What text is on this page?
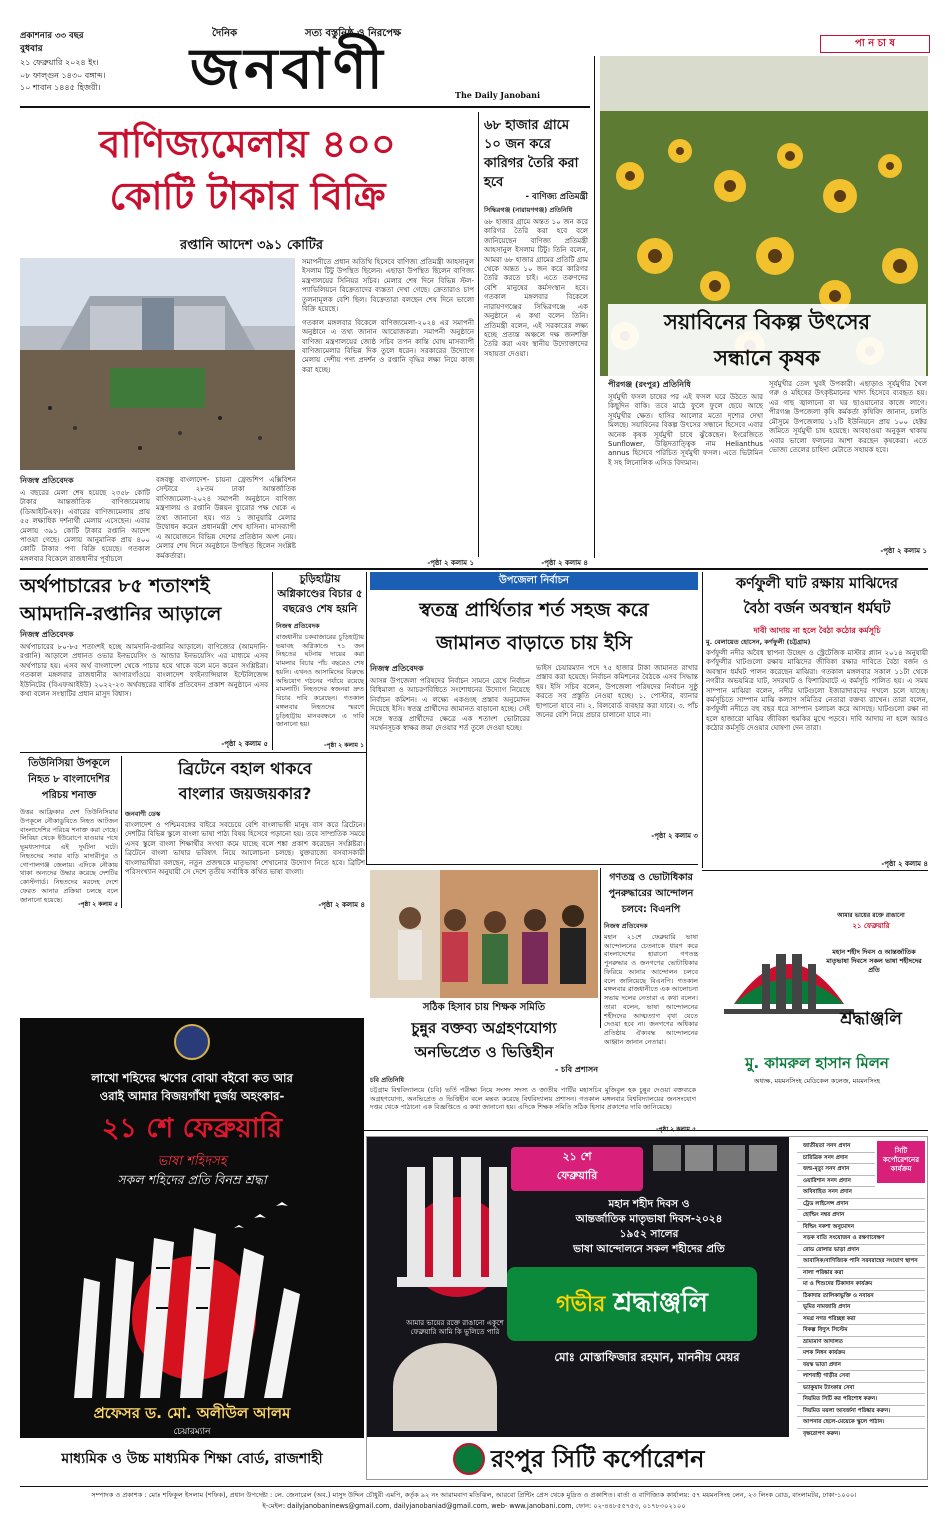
প্রকাশনার ৩৩ বছর
বুধবার
২১ ফেব্রুয়ারি ২০২৪ ইং।
০৮ ফাল্গুন ১৪৩০ বঙ্গাব্দ।
১০ শাবান ১৪৪৫ হিজরী।
দৈনিক	সত্য বস্তুনিষ্ঠ ও নিরপেক্ষ
জনবাণী	The Daily Janobani
পা ন চা ষ
বাণিজ্যমেলায় ৪০০
কোটি টাকার বিক্রি
রপ্তানি আদেশ ৩৯১ কোটির
নিজস্ব প্রতিবেদক
এ বছরের মেলা শেষ হয়েছে ২৩৫৮ কোটি টাকার আন্তর্জাতিক বাণিজ্যমেলায় (ডিআইটিএফ)। এবারের বাণিজ্যমেলায় প্রায় ৫৫ লক্ষাধিক দর্শনার্থী মেলায় এসেছেন। এবার মেলায় ৩৯১ কোটি টাকার রপ্তানি আদেশ পাওয়া গেছে। মেলায় আনুমানিক প্রায় ৪০০ কোটি টাকার পণ্য বিক্রি হয়েছে। গতকাল মঙ্গলবার বিকেলে রাজধানীর পূর্বাচলে
বঙ্গবন্ধু বাংলাদেশ- চায়না ফ্রেন্ডশিপ এক্সিবিশন সেন্টারে ২৮তম ঢাকা আন্তর্জাতিক বাণিজ্যমেলা-২০২৪ সমাপনী অনুষ্ঠানে বাণিজ্য মন্ত্রণালয় ও রপ্তানি উন্নয়ন ব্যুরোর পক্ষ থেকে এ তথ্য জানানো হয়। গত ১ জানুয়ারি মেলার উদ্বোধন করেন প্রধানমন্ত্রী শেখ হাসিনা। মাসব্যাপী এ আয়োজনে বিভিন্ন দেশের প্রতিষ্ঠান অংশ নেয়। মেলার শেষ দিনে অনুষ্ঠানে উপস্থিত ছিলেন সংশ্লিষ্ট কর্মকর্তারা।
সমাপনীতে প্রধান অতিথি হিসেবে বাণিজ্য প্রতিমন্ত্রী আহসানুল ইসলাম টিটু উপস্থিত ছিলেন। এছাড়া উপস্থিত ছিলেন বাণিজ্য মন্ত্রণালয়ের সিনিয়র সচিব। মেলার শেষ দিনে বিভিন্ন স্টল-প্যাভিলিয়নে বিক্রেতাদের ব্যস্ততা দেখা গেছে। ক্রেতারাও চাপ তুলনামূলক বেশি ছিল। বিক্রেতারা বলছেন শেষ দিনে ভালো বিক্রি হয়েছে।
গতকাল মঙ্গলবার বিকেলে বাণিজ্যমেলা-২০২৪ এর সমাপনী অনুষ্ঠানে এ তথ্য জানান আয়োজকরা। সমাপনী অনুষ্ঠানে বাণিজ্য মন্ত্রণালয়ের জ্যেষ্ঠ সচিব তপন কান্তি ঘোষ মাসব্যাপী বাণিজ্যমেলার বিভিন্ন দিক তুলে ধরেন। সরকারের উদ্যোগে মেলায় দেশীয় পণ্য প্রদর্শন ও রপ্তানি বৃদ্ধির লক্ষ্য নিয়ে কাজ করা হচ্ছে।
-পৃষ্ঠা ২ কলাম ১
৬৮ হাজার গ্রামে ১০ জন করে কারিগর তৈরি করা হবে
- বাণিজ্য প্রতিমন্ত্রী
সিদ্ধিরগঞ্জ (নারায়ণগঞ্জ) প্রতিনিধি
৬৮ হাজার গ্রামে অন্তত ১০ জন করে কারিগর তৈরি করা হবে বলে জানিয়েছেন বাণিজ্য প্রতিমন্ত্রী আহসানুল ইসলাম টিটু। তিনি বলেন, আমরা ৬৮ হাজার গ্রামের প্রতিটি গ্রাম থেকে অন্তত ১০ জন করে কারিগর তৈরি করতে চাই। এতে তরুণদের বেশি মানুষের কর্মসংস্থান হবে। গতকাল মঙ্গলবার বিকেলে নারায়ণগঞ্জের সিদ্ধিরগঞ্জে এক অনুষ্ঠানে এ কথা বলেন তিনি। প্রতিমন্ত্রী বলেন, এই সরকারের লক্ষ্য হচ্ছে প্রত্যন্ত অঞ্চলে দক্ষ জনশক্তি তৈরি করা এবং স্থানীয় উদ্যোক্তাদের সহায়তা দেওয়া।
-পৃষ্ঠা ২ কলাম ৪
সয়াবিনের বিকল্প উৎসের
সন্ধানে কৃষক
পীরগঞ্জ (রংপুর) প্রতিনিধি
সূর্যমুখী ফসল চাষের পর এই ফসল ঘরে উঠতে আর কিছুদিন বাকি। তবে মাঠে ফুলে ফুলে ছেয়ে আছে সূর্যমুখীর ক্ষেত। হাসির আলোর মতো দৃশ্যের দেখা মিলছে। সয়াবিনের বিকল্প উৎসের সন্ধানে হিসেবে এবার অনেক কৃষক সূর্যমুখী চাষে ঝুঁকেছেন। ইংরেজিতে Sunflower, উদ্ভিদতাত্ত্বিক নাম Helianthus annus হিসেবে পরিচিত সূর্যমুখী ফসল। এতে ভিটামিন ই সহ লিনোলিক এসিড বিদ্যমান।
সূর্যমুখীর তেল খুবই উপকারী। এছাড়াও সূর্যমুখীর খৈল গরু ও মহিষের উৎকৃষ্টমানের খাদ্য হিসেবে ব্যবহৃত হয়। এর গাছ জ্বালানো বা ঘর ছাওয়ানোর কাজে লাগে। পীরগঞ্জ উপজেলা কৃষি কর্মকর্তা কৃষিবিদ জানান, চলতি মৌসুমে উপজেলায় ১২টি ইউনিয়নে প্রায় ১০০ হেক্টর জমিতে সূর্যমুখী চাষ হয়েছে। আবহাওয়া অনুকূল থাকায় এবার ভালো ফলনের আশা করছেন কৃষকেরা। এতে ভোজ্য তেলের চাহিদা মেটাতে সহায়ক হবে।
-পৃষ্ঠা ২ কলাম ১
অর্থপাচারের ৮৫ শতাংশই
আমদানি-রপ্তানির আড়ালে
নিজস্ব প্রতিবেদক
অর্থপাচারের ৮০-৮৫ শতাংশই হচ্ছে আমদানি-রপ্তানির আড়ালে। বাণিজ্যের (আমদানি-রপ্তানি) আড়ালে প্রধানত ওভার ইনভয়েসিং ও আন্ডার ইনভয়েসিং এর মাধ্যমে এসব অর্থপাচার হয়। এসব অর্থ বাংলাদেশ থেকে পাচার হয়ে থাকে বলে মনে করেন সংশ্লিষ্টরা। গতকাল মঙ্গলবার রাজধানীর আগারগাঁওয়ে বাংলাদেশ ফাইন্যান্সিয়াল ইন্টেলিজেন্স ইউনিটের (বিএফআইইউ) ২০২২-২৩ অর্থবছরের বার্ষিক প্রতিবেদন প্রকাশ অনুষ্ঠানে এসব কথা বলেন সংস্থাটির প্রধান মাসুদ বিশ্বাস।
-পৃষ্ঠা ২ কলাম ৫
চুড়িহাট্টায়
অগ্নিকাণ্ডের বিচার ৫
বছরেও শেষ হয়নি
নিজস্ব প্রতিবেদক
রাজধানীর চকবাজারের চুড়িহাট্টায় ভয়াবহ অগ্নিকাণ্ডে ৭১ জন নিহতের ঘটনায় দায়ের করা মামলার বিচার পাঁচ বছরেও শেষ হয়নি। এখনও আসামিদের বিরুদ্ধে অভিযোগ গঠনের পর্যায়ে রয়েছে মামলাটি। নিহতদের স্বজনরা দ্রুত বিচার দাবি করেছেন। গতকাল মঙ্গলবার নিহতদের স্মরণে চুড়িহাট্টায় মানববন্ধনে এ দাবি জানানো হয়।
-পৃষ্ঠা ২ কলাম ১
উপজেলা নির্বাচন
স্বতন্ত্র প্রার্থিতার শর্ত সহজ করে
জামানত বাড়াতে চায় ইসি
নিজস্ব প্রতিবেদক
আসন্ন উপজেলা পরিষদের নির্বাচন সামনে রেখে নির্বাচন বিধিমালা ও আচরণবিধিতে সংশোধনের উদ্যোগ নিয়েছে নির্বাচন কমিশন। এ লক্ষ্যে একগুচ্ছ প্রস্তাব অনুমোদন দিয়েছে ইসি। স্বতন্ত্র প্রার্থীদের জামানত বাড়ানো হচ্ছে। সেই সঙ্গে স্বতন্ত্র প্রার্থীদের ক্ষেত্রে এক শতাংশ ভোটারের সমর্থনসূচক স্বাক্ষর জমা দেওয়ার শর্ত তুলে দেওয়া হচ্ছে।
ভাইস চেয়ারম্যান পদে ৭৫ হাজার টাকা জামানত রাখার প্রস্তাব করা হয়েছে। নির্বাচন কমিশনের বৈঠকে এসব সিদ্ধান্ত হয়। ইসি সচিব বলেন, উপজেলা পরিষদের নির্বাচন সুষ্ঠু করতে সব প্রস্তুতি নেওয়া হচ্ছে। ১. পোস্টার, ব্যানার ছাপানো যাবে না। ২. বিলবোর্ড ব্যবহার করা যাবে। ৩. পাঁচ জনের বেশি নিয়ে প্রচার চালানো যাবে না।
-পৃষ্ঠা ২ কলাম ৩
কর্ণফুলী ঘাট রক্ষায় মাঝিদের
বৈঠা বর্জন অবস্থান ধর্মঘট
দাবী আদায় না হলে বৈঠা কঠোর কর্মসূচি
মু. বেলায়েত হোসেন, কর্ণফুলী (চট্টগ্রাম)
কর্ণফুলী নদীর অবৈধ স্থাপনা উচ্ছেদ ও স্ট্রেটেজিক মাস্টার প্ল্যান ২০১৪ অনুযায়ী কর্ণফুলীর ঘাটগুলো রক্ষায় মাঝিদের জীবিকা রক্ষার দাবিতে বৈঠা বর্জন ও অবস্থান ধর্মঘট পালন করেছেন মাঝিরা। গতকাল মঙ্গলবার সকাল ১১টা থেকে নগরীর অভয়মিত্র ঘাট, সদরঘাট ও ফিশারিঘাটে এ কর্মসূচি পালিত হয়। এ সময় সাম্পান মাঝিরা বলেন, নদীর ঘাটগুলো ইজারাদারদের দখলে চলে যাচ্ছে। কর্মসূচিতে সাম্পান মাঝি কল্যাণ সমিতির নেতারা বক্তব্য রাখেন। তারা বলেন, কর্ণফুলী নদীতে বহু বছর ধরে সাম্পান চলাচল করে আসছে। ঘাটগুলো রক্ষা না হলে হাজারো মাঝির জীবিকা হুমকির মুখে পড়বে। দাবি আদায় না হলে আরও কঠোর কর্মসূচি দেওয়ার ঘোষণা দেন তারা।
-পৃষ্ঠা ২ কলাম ৪
তিউনিসিয়া উপকূলে
নিহত ৮ বাংলাদেশির
পরিচয় শনাক্ত
উত্তর আফ্রিকার দেশ তিউনিসিয়ার উপকূলে নৌকাডুবিতে নিহত আটজন বাংলাদেশির পরিচয় শনাক্ত করা গেছে। লিবিয়া থেকে ইউরোপে যাওয়ার পথে ভূমধ্যসাগরে এই দুর্ঘটনা ঘটে। নিহতদের সবার বাড়ি মাদারীপুর ও গোপালগঞ্জ জেলায়। এদিকে নৌকায় থাকা অন্যদের উদ্ধার করেছে দেশটির কোস্টগার্ড। নিহতদের মরদেহ দেশে ফেরত আনার প্রক্রিয়া চলছে বলে জানানো হয়েছে।
-পৃষ্ঠা ২ কলাম ৫
ব্রিটেনে বহাল থাকবে
বাংলার জয়জয়কার?
জনবাণী ডেস্ক
বাংলাদেশ ও পশ্চিমবঙ্গের বাইরে সবচেয়ে বেশি বাংলাভাষী মানুষ বাস করে ব্রিটেনে। দেশটির বিভিন্ন স্কুলে বাংলা ভাষা পাঠ্য বিষয় হিসেবে পড়ানো হয়। তবে সাম্প্রতিক সময়ে এসব স্কুলে বাংলা শিক্ষার্থীর সংখ্যা কমে যাচ্ছে বলে শঙ্কা প্রকাশ করেছেন সংশ্লিষ্টরা। ব্রিটেনে বাংলা ভাষার ভবিষ্যৎ নিয়ে আলোচনা চলছে। যুক্তরাজ্যে বসবাসকারী বাংলাভাষীরা বলছেন, নতুন প্রজন্মকে মাতৃভাষা শেখানোর উদ্যোগ নিতে হবে। ব্রিটিশ পরিসংখ্যান অনুযায়ী সে দেশে তৃতীয় সর্বাধিক কথিত ভাষা বাংলা।
-পৃষ্ঠা ২ কলাম ৪
সঠিক হিসাব চায় শিক্ষক সমিতি
গণতন্ত্র ও ভোটাধিকার
পুনরুদ্ধারের আন্দোলন
চলবে: বিএনপি
নিজস্ব প্রতিবেদক
মহান ২১শে ফেব্রুয়ারি ভাষা আন্দোলনের চেতনাকে ধারণ করে বাংলাদেশের হারানো গণতন্ত্র পুনরুদ্ধার ও জনগণের ভোটাধিকার ফিরিয়ে আনার আন্দোলন চলবে বলে জানিয়েছে বিএনপি। গতকাল মঙ্গলবার রাজধানীতে এক আলোচনা সভায় দলের নেতারা এ কথা বলেন। তারা বলেন, ভাষা আন্দোলনের শহীদদের আত্মত্যাগ বৃথা যেতে দেওয়া হবে না। জনগণের অধিকার প্রতিষ্ঠায় ঐক্যবদ্ধ আন্দোলনের আহ্বান জানান নেতারা।
চুন্নুর বক্তব্য অগ্রহণযোগ্য
অনভিপ্রেত ও ভিত্তিহীন
- চবি প্রশাসন
চবি প্রতিনিধি
চট্টগ্রাম বিশ্ববিদ্যালয়ে (চবি) ভর্তি পরীক্ষা নিয়ে সংসদ সদস্য ও জাতীয় পার্টির মহাসচিব মুজিবুল হক চুন্নুর দেওয়া বক্তব্যকে অগ্রহণযোগ্য, অনভিপ্রেত ও ভিত্তিহীন বলে মন্তব্য করেছে বিশ্ববিদ্যালয় প্রশাসন। গতকাল মঙ্গলবার বিশ্ববিদ্যালয়ের জনসংযোগ দপ্তর থেকে পাঠানো এক বিজ্ঞপ্তিতে এ কথা জানানো হয়। এদিকে শিক্ষক সমিতি সঠিক হিসাব প্রকাশের দাবি জানিয়েছে।
আমার ভায়ের রক্তে রাঙানো
২১ ফেব্রুয়ারি
মহান শহীদ দিবস ও আন্তর্জাতিক মাতৃভাষা দিবসে সকল ভাষা শহীদদের প্রতি
শ্রদ্ধাঞ্জলি
মু. কামরুল হাসান মিলন
অধ্যক্ষ, ময়মনসিংহ মেডিকেল কলেজ, ময়মনসিংহ
লাখো শহিদের ঋণের বোঝা বইবো কত আর
ওরাই আমার বিজয়গাঁথা দুর্জয় অহংকার-
২১ শে ফেব্রুয়ারি
ভাষা শহিদসহ
সকল শহিদের প্রতি বিনম্র শ্রদ্ধা
প্রফেসর ড. মো. অলীউল আলম
চেয়ারম্যান
মাধ্যমিক ও উচ্চ মাধ্যমিক শিক্ষা বোর্ড, রাজশাহী
আমার ভায়ের রক্তে রাঙানো একুশে ফেব্রুয়ারি আমি কি ভুলিতে পারি
২১ শে
ফেব্রুয়ারি
মহান শহীদ দিবস ও
আন্তর্জাতিক মাতৃভাষা দিবস-২০২৪
১৯৫২ সালের
ভাষা আন্দোলনে সকল শহীদের প্রতি
গভীর শ্রদ্ধাঞ্জলি
মোঃ মোস্তাফিজার রহমান, মাননীয় মেয়র
সিটি কর্পোরেশনের কার্যক্রম
জাতীয়তা সনদ প্রদান
চারিত্রিক সনদ প্রদান
জন্ম-মৃত্যু সনদ প্রদান
ওয়ারিশান সনদ প্রদান
অবিবাহিত সনদ প্রদান
ট্রেড লাইসেন্স প্রদান
হোল্ডিং নম্বর প্রদান
বিল্ডিং নকশা অনুমোদন
সড়ক বাতি সংযোজন ও রক্ষণাবেক্ষণ
রোড রোলার ভাড়া প্রদান
আবাসিক/বাণিজ্যিক পানি সরবরাহের সংযোগ স্থাপন
নালা পরিষ্কার করা
মা ও শিশুদের টিকাদান কার্যক্রম
ঠিকাদার তালিকাভুক্তি ও নবায়ন
ভূমির নামজারি প্রদান
সমগ্র নগর পরিচ্ছন্ন করা
বিকল্প বিদ্যুৎ সিস্টেম
ভ্রাম্যমাণ আদালত
মশক নিধন কার্যক্রম
বয়স্ক ভাতা প্রদান
লাশবাহী গাড়ীর সেবা
ভ্যাকুয়াম ট্যাংকার সেবা
নিয়মিত সিটি কর পরিশোধ করুন।
নিয়মিত ময়লা আবর্জনা পরিষ্কার করুন।
আপনার ছেলে-মেয়েকে স্কুলে পাঠান।
বৃক্ষরোপণ করুন।
রংপুর সিটি কর্পোরেশন
সম্পাদক ও প্রকাশক : মোঃ শফিকুল ইসলাম (শফিক), প্রধান উপদেষ্টা : লে. জেনারেল (অব.) মাসুদ উদ্দিন চৌধুরী এমপি, কর্তৃক ৯২ নং আরামবাগ মতিঝিল, আরবো প্রিন্টিং প্রেস থেকে মুদ্রিত ও প্রকাশিত। বার্তা ও বাণিজ্যিক কার্যালয়: ৫৭ ময়মনসিংহ লেন, ২৩ লিংক রোড, বাংলামটর, ঢাকা-১০০০।
ই-মেইল: dailyjanobaninews@gmail.com, dailyjanobaniad@gmail.com, web- www.janobani.com, ফোন: ০২-৪৪৮৫৫৭৫৩, ০১৭৮৩০২১০০
